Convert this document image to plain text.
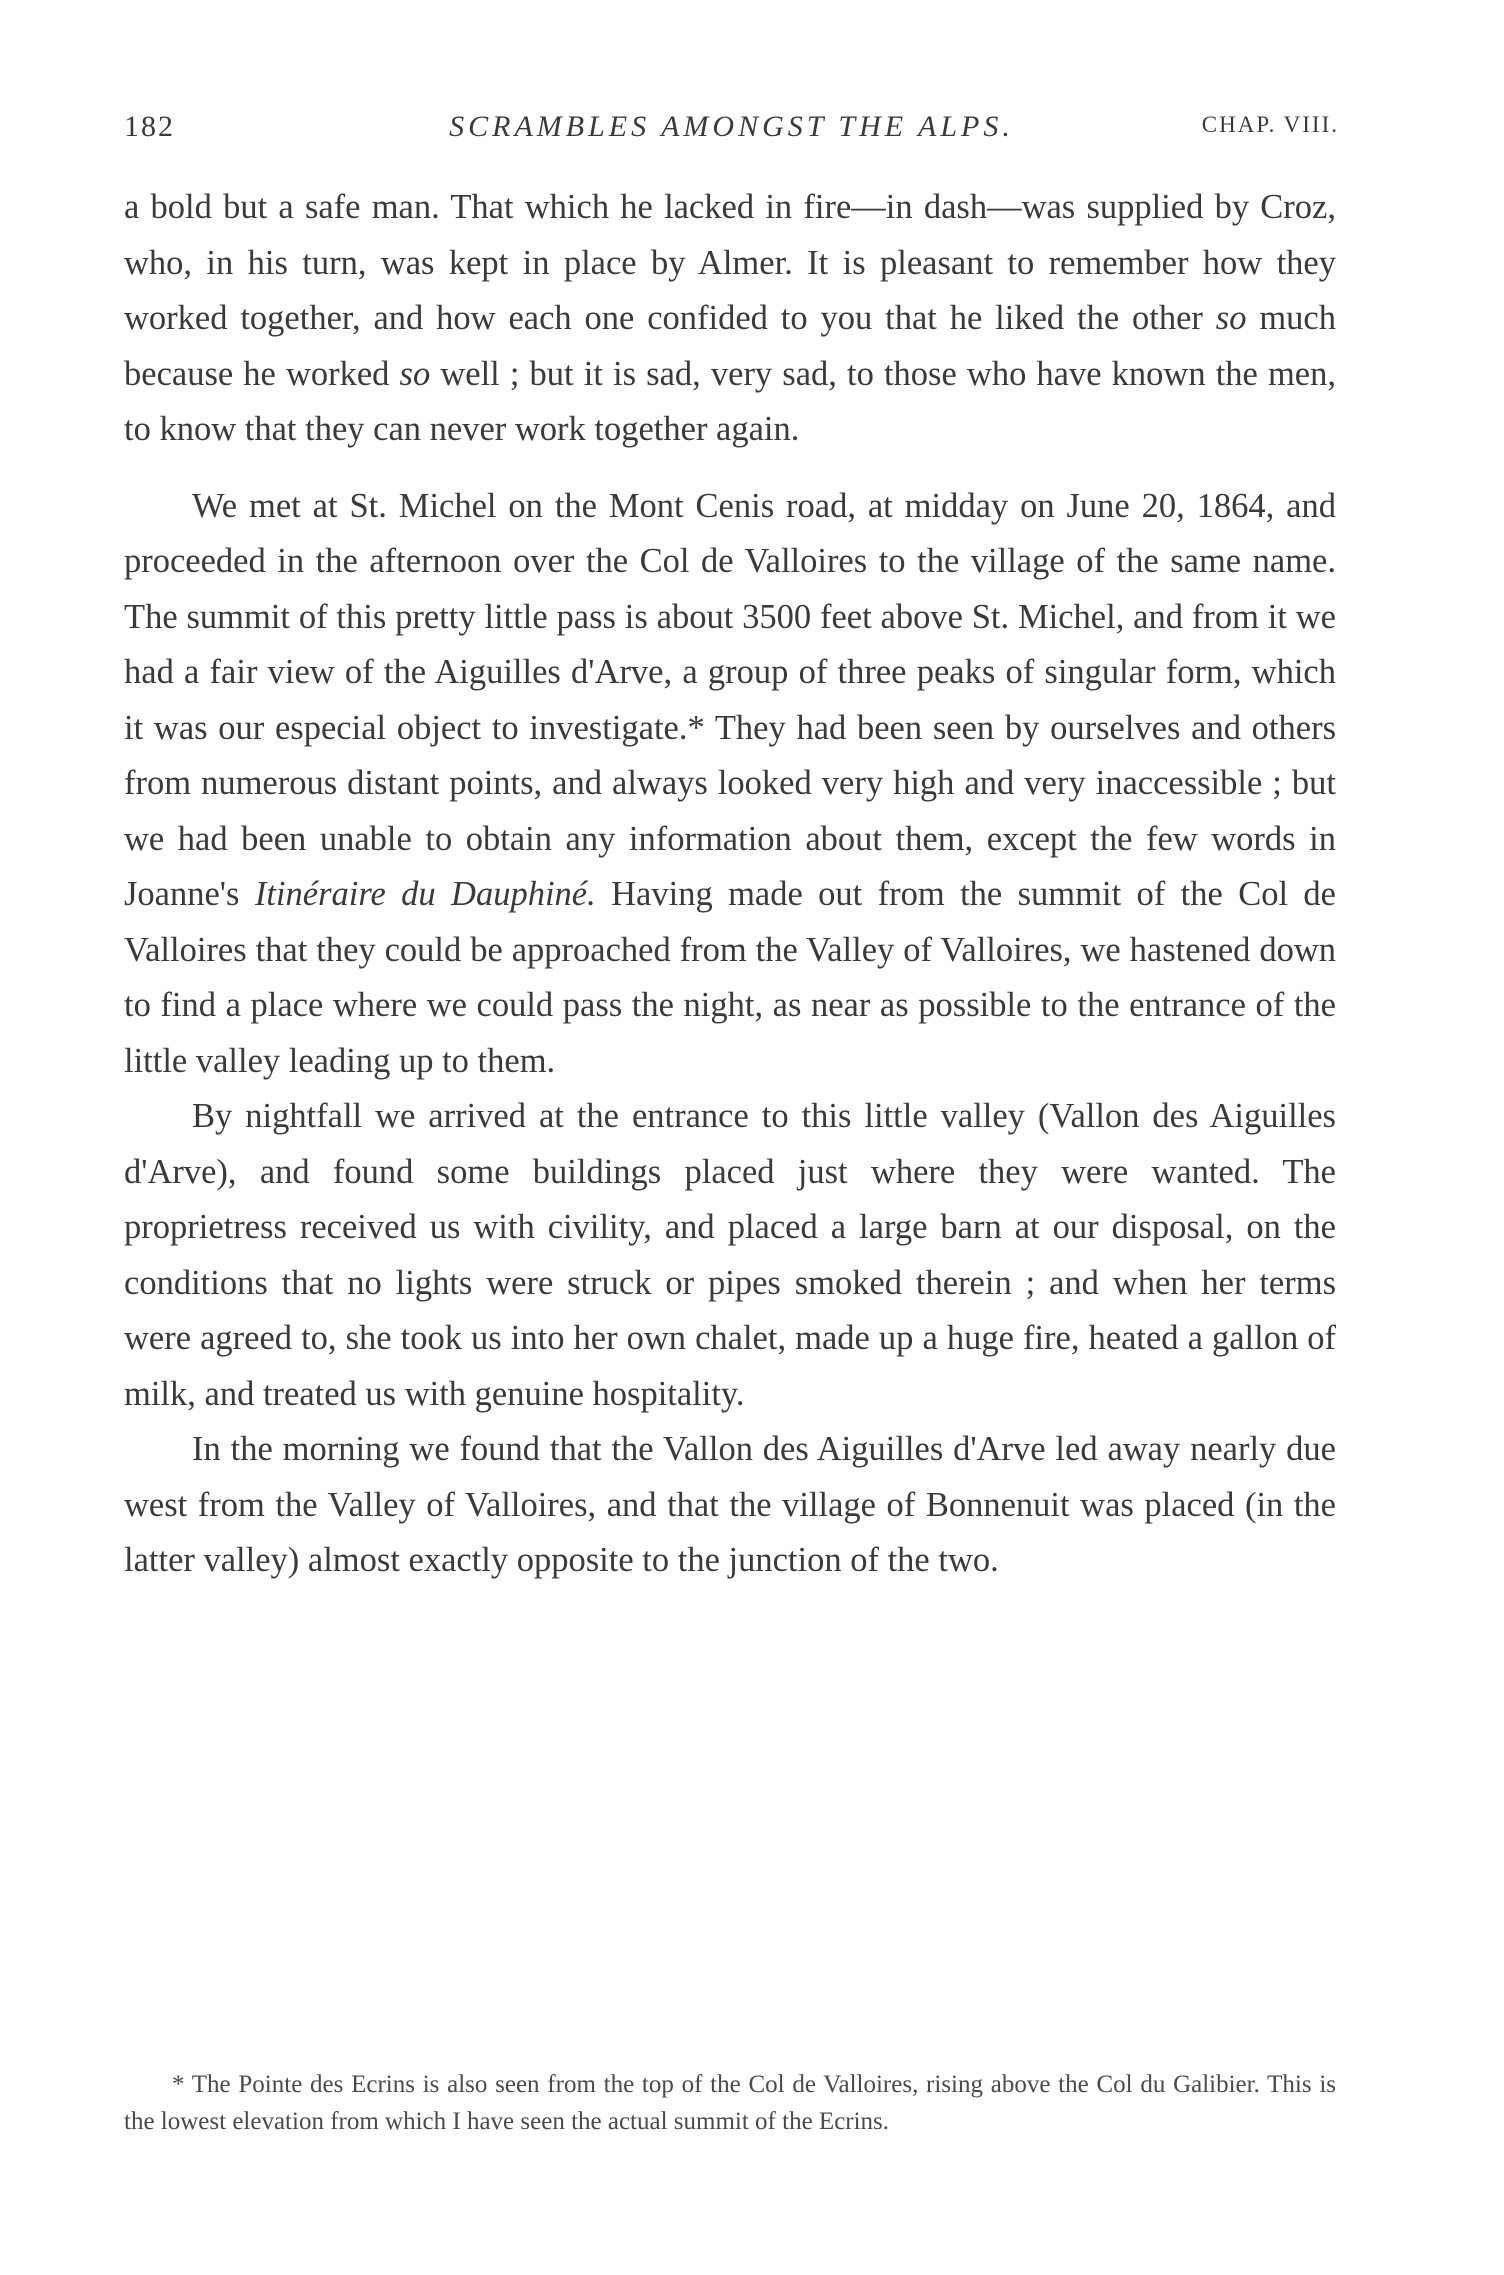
182	SCRAMBLES AMONGST THE ALPS.	CHAP. VIII.

a bold but a safe man. That which he lacked in fire—in dash—was supplied by Croz, who, in his turn, was kept in place by Almer. It is pleasant to remember how they worked together, and how each one confided to you that he liked the other so much because he worked so well ; but it is sad, very sad, to those who have known the men, to know that they can never work together again.

We met at St. Michel on the Mont Cenis road, at midday on June 20, 1864, and proceeded in the afternoon over the Col de Valloires to the village of the same name. The summit of this pretty little pass is about 3500 feet above St. Michel, and from it we had a fair view of the Aiguilles d'Arve, a group of three peaks of singular form, which it was our especial object to investigate.* They had been seen by ourselves and others from numerous distant points, and always looked very high and very inaccessible ; but we had been unable to obtain any information about them, except the few words in Joanne's Itinéraire du Dauphiné. Having made out from the summit of the Col de Valloires that they could be approached from the Valley of Valloires, we hastened down to find a place where we could pass the night, as near as possible to the entrance of the little valley leading up to them.

By nightfall we arrived at the entrance to this little valley (Vallon des Aiguilles d'Arve), and found some buildings placed just where they were wanted. The proprietress received us with civility, and placed a large barn at our disposal, on the conditions that no lights were struck or pipes smoked therein ; and when her terms were agreed to, she took us into her own chalet, made up a huge fire, heated a gallon of milk, and treated us with genuine hospitality.

In the morning we found that the Vallon des Aiguilles d'Arve led away nearly due west from the Valley of Valloires, and that the village of Bonnenuit was placed (in the latter valley) almost exactly opposite to the junction of the two.

* The Pointe des Ecrins is also seen from the top of the Col de Valloires, rising above the Col du Galibier. This is the lowest elevation from which I have seen the actual summit of the Ecrins.
